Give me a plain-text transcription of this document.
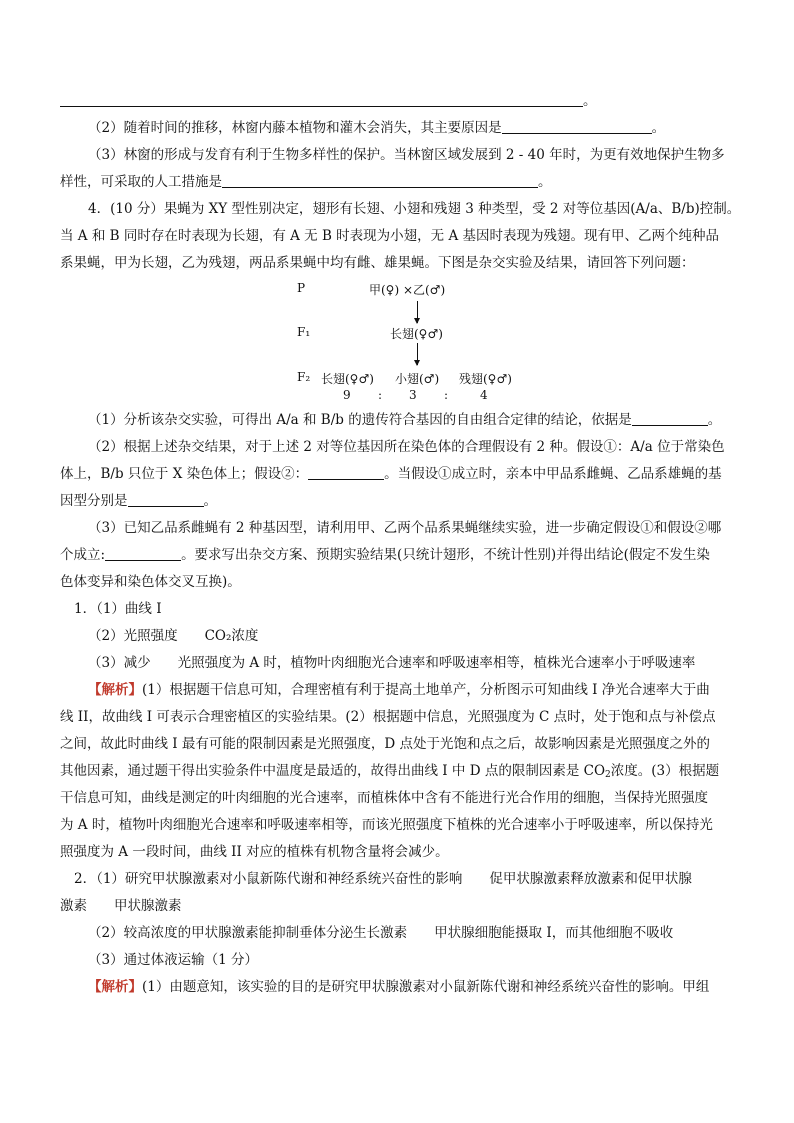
。
（2）随着时间的推移，林窗内藤本植物和灌木会消失，其主要原因是	。
（3）林窗的形成与发育有利于生物多样性的保护。当林窗区域发展到 2 - 40 年时，为更有效地保护生物多
样性，可采取的人工措施是	。
4．(10 分）果蝇为 XY 型性别决定，翅形有长翅、小翅和残翅 3 种类型，受 2 对等位基因(A/a、B/b)控制。
当 A 和 B 同时存在时表现为长翅，有 A 无 B 时表现为小翅，无 A 基因时表现为残翅。现有甲、乙两个纯种品
系果蝇，甲为长翅，乙为残翅，两品系果蝇中均有雌、雄果蝇。下图是杂交实验及结果，请回答下列问题：
P	甲(♀) ×乙(♂)
F₁	长翅(♀♂)
F₂ 长翅(♀♂) 小翅(♂) 残翅(♀♂)
9 : 3 :	4
（1）分析该杂交实验，可得出 A/a 和 B/b 的遗传符合基因的自由组合定律的结论，依据是	。
（2）根据上述杂交结果，对于上述 2 对等位基因所在染色体的合理假设有 2 种。假设①：A/a 位于常染色
体上，B/b 只位于 X 染色体上；假设②：	。当假设①成立时，亲本中甲品系雌蝇、乙品系雄蝇的基
因型分别是	。
（3）已知乙品系雌蝇有 2 种基因型，请利用甲、乙两个品系果蝇继续实验，进一步确定假设①和假设②哪
个成立:	。要求写出杂交方案、预期实验结果(只统计翅形，不统计性别)并得出结论(假定不发生染
色体变异和染色体交叉互换)。
1．（1）曲线 I
（2）光照强度　　CO₂浓度
（3）减少　　光照强度为 A 时，植物叶肉细胞光合速率和呼吸速率相等，植株光合速率小于呼吸速率
【解析】(1）根据题干信息可知，合理密植有利于提高土地单产，分析图示可知曲线 I 净光合速率大于曲
线 II，故曲线 I 可表示合理密植区的实验结果。(2）根据题中信息，光照强度为 C 点时，处于饱和点与补偿点
之间，故此时曲线 I 最有可能的限制因素是光照强度，D 点处于光饱和点之后，故影响因素是光照强度之外的
其他因素，通过题干得出实验条件中温度是最适的，故得出曲线 I 中 D 点的限制因素是 $CO_2$浓度。(3）根据题
干信息可知，曲线是测定的叶肉细胞的光合速率，而植株体中含有不能进行光合作用的细胞，当保持光照强度
为 A 时，植物叶肉细胞光合速率和呼吸速率相等，而该光照强度下植株的光合速率小于呼吸速率，所以保持光
照强度为 A 一段时间，曲线 II 对应的植株有机物含量将会减少。
2．（1）研究甲状腺激素对小鼠新陈代谢和神经系统兴奋性的影响　　促甲状腺激素释放激素和促甲状腺
激素　　甲状腺激素
（2）较高浓度的甲状腺激素能抑制垂体分泌生长激素　　甲状腺细胞能摄取 I，而其他细胞不吸收
（3）通过体液运输（1 分）
【解析】(1）由题意知，该实验的目的是研究甲状腺激素对小鼠新陈代谢和神经系统兴奋性的影响。甲组
